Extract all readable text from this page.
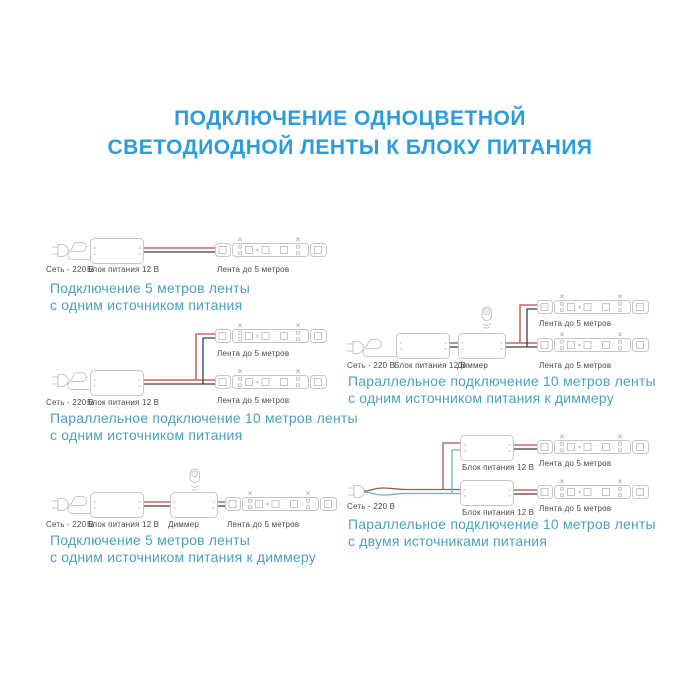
ПОДКЛЮЧЕНИЕ ОДНОЦВЕТНОЙ
СВЕТОДИОДНОЙ ЛЕНТЫ К БЛОКУ ПИТАНИЯ
Сеть - 220 В
Блок питания 12 В	Лента до 5 метров
Подключение 5 метров ленты
с одним источником питания
Лента до 5 метров
Лента до 5 метров
Сеть - 220 В
Блок питания 12 В
Параллельное подключение 10 метров ленты
с одним источником питания
Лента до 5 метров
Сеть - 220 В
Блок питания 12 В
Диммер	Лента до 5 метров
Параллельное подключение 10 метров ленты
с одним источником питания к диммеру
Сеть - 220 В
Блок питания 12 В Диммер	Лента до 5 метров
Подключение 5 метров ленты
с одним источником питания к диммеру
Лента до 5 метров
Блок питания 12 В
Сеть - 220 В
Блок питания 12 В Лента до 5 метров
Параллельное подключение 10 метров ленты
с двумя источниками питания
